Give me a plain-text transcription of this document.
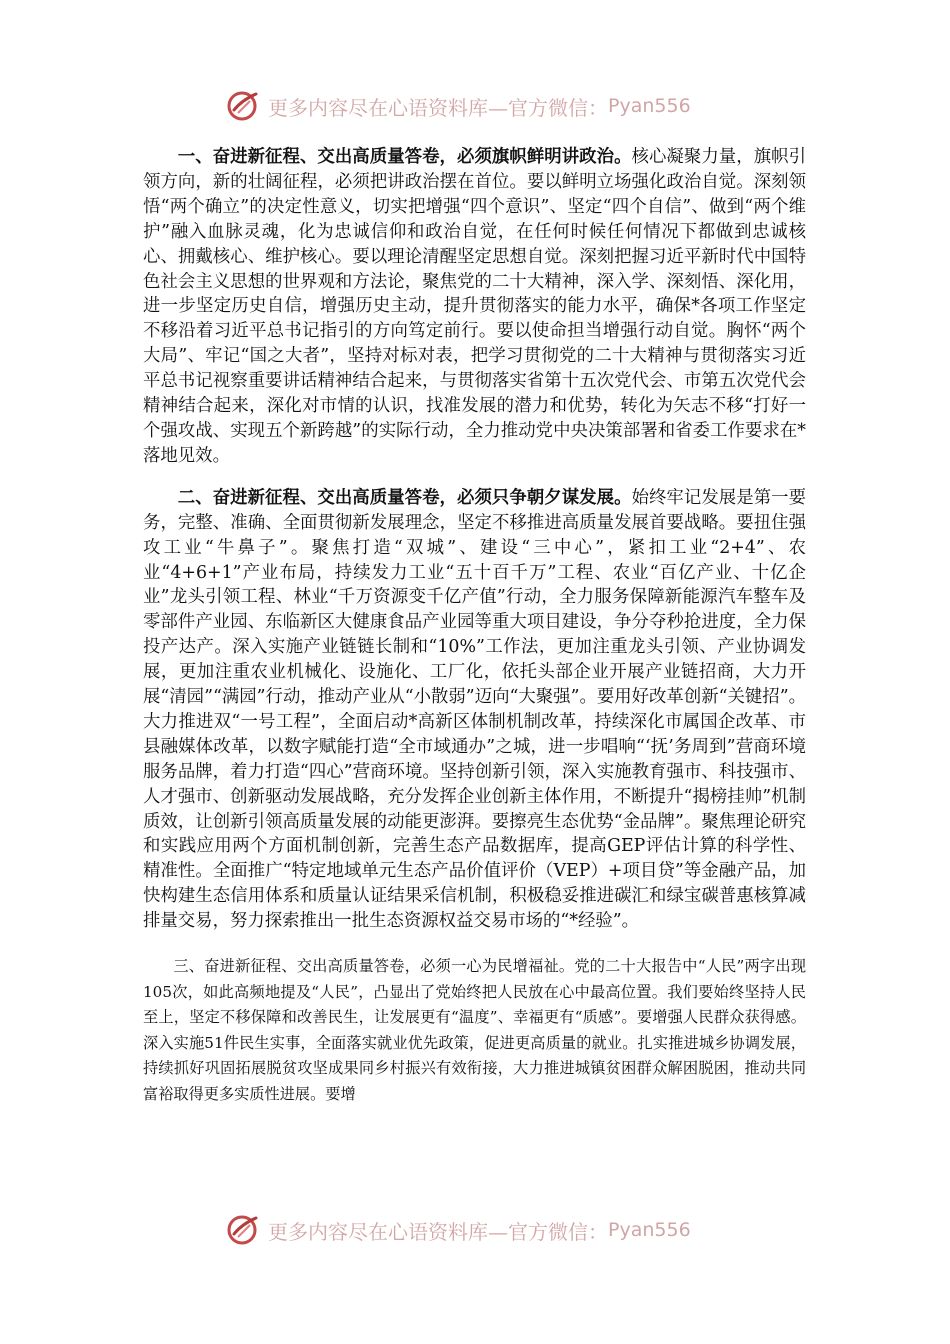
更多内容尽在心语资料库—官方微信： Pyan556

一、奋进新征程、交出高质量答卷，必须旗帜鲜明讲政治。核心凝聚力量，旗帜引领方向，新的壮阔征程，必须把讲政治摆在首位。要以鲜明立场强化政治自觉。深刻领悟“两个确立”的决定性意义，切实把增强“四个意识”、坚定“四个自信”、做到“两个维护”融入血脉灵魂，化为忠诚信仰和政治自觉，在任何时候任何情况下都做到忠诚核心、拥戴核心、维护核心。要以理论清醒坚定思想自觉。深刻把握习近平新时代中国特色社会主义思想的世界观和方法论，聚焦党的二十大精神，深入学、深刻悟、深化用，进一步坚定历史自信，增强历史主动，提升贯彻落实的能力水平，确保*各项工作坚定不移沿着习近平总书记指引的方向笃定前行。要以使命担当增强行动自觉。胸怀“两个大局”、牢记“国之大者”，坚持对标对表，把学习贯彻党的二十大精神与贯彻落实习近平总书记视察重要讲话精神结合起来，与贯彻落实省第十五次党代会、市第五次党代会精神结合起来，深化对市情的认识，找准发展的潜力和优势，转化为矢志不移“打好一个强攻战、实现五个新跨越”的实际行动，全力推动党中央决策部署和省委工作要求在*落地见效。

二、奋进新征程、交出高质量答卷，必须只争朝夕谋发展。始终牢记发展是第一要务，完整、准确、全面贯彻新发展理念，坚定不移推进高质量发展首要战略。要扭住强攻工业“牛鼻子”。聚焦打造“双城”、建设“三中心”，紧扣工业“2+4”、农业“4+6+1”产业布局，持续发力工业“五十百千万”工程、农业“百亿产业、十亿企业”龙头引领工程、林业“千万资源变千亿产值”行动，全力服务保障新能源汽车整车及零部件产业园、东临新区大健康食品产业园等重大项目建设，争分夺秒抢进度，全力保投产达产。深入实施产业链链长制和“10%”工作法，更加注重龙头引领、产业协调发展，更加注重农业机械化、设施化、工厂化，依托头部企业开展产业链招商，大力开展“清园”“满园”行动，推动产业从“小散弱”迈向“大聚强”。要用好改革创新“关键招”。大力推进双“一号工程”，全面启动*高新区体制机制改革，持续深化市属国企改革、市县融媒体改革，以数字赋能打造“全市域通办”之城，进一步唱响“‘抚’务周到”营商环境服务品牌，着力打造“四心”营商环境。坚持创新引领，深入实施教育强市、科技强市、人才强市、创新驱动发展战略，充分发挥企业创新主体作用，不断提升“揭榜挂帅”机制质效，让创新引领高质量发展的动能更澎湃。要擦亮生态优势“金品牌”。聚焦理论研究和实践应用两个方面机制创新，完善生态产品数据库，提高GEP评估计算的科学性、精准性。全面推广“特定地域单元生态产品价值评价（VEP）+项目贷”等金融产品，加快构建生态信用体系和质量认证结果采信机制，积极稳妥推进碳汇和绿宝碳普惠核算减排量交易，努力探索推出一批生态资源权益交易市场的“*经验”。

三、奋进新征程、交出高质量答卷，必须一心为民增福祉。党的二十大报告中“人民”两字出现105次，如此高频地提及“人民”，凸显出了党始终把人民放在心中最高位置。我们要始终坚持人民至上，坚定不移保障和改善民生，让发展更有“温度”、幸福更有“质感”。要增强人民群众获得感。深入实施51件民生实事，全面落实就业优先政策，促进更高质量的就业。扎实推进城乡协调发展，持续抓好巩固拓展脱贫攻坚成果同乡村振兴有效衔接，大力推进城镇贫困群众解困脱困，推动共同富裕取得更多实质性进展。要增

更多内容尽在心语资料库—官方微信： Pyan556
